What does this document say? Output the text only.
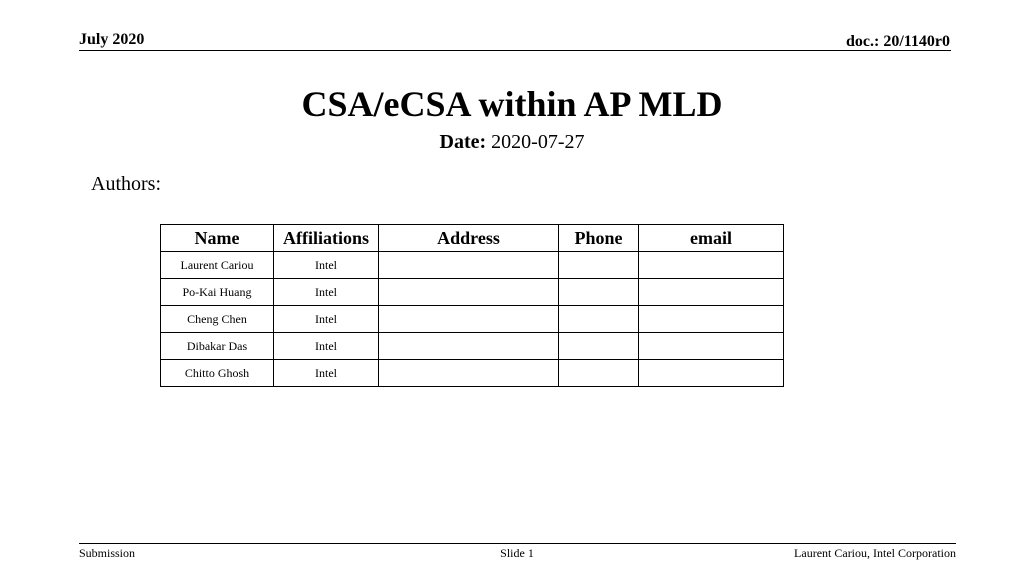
July 2020	doc.: 20/1140r0
CSA/eCSA within AP MLD
Date: 2020-07-27
Authors:
Name	Affiliations	Address	Phone	email
Laurent Cariou	Intel			
Po-Kai Huang	Intel			
Cheng Chen	Intel			
Dibakar Das	Intel			
Chitto Ghosh	Intel			
Submission	Slide 1	Laurent Cariou, Intel Corporation
